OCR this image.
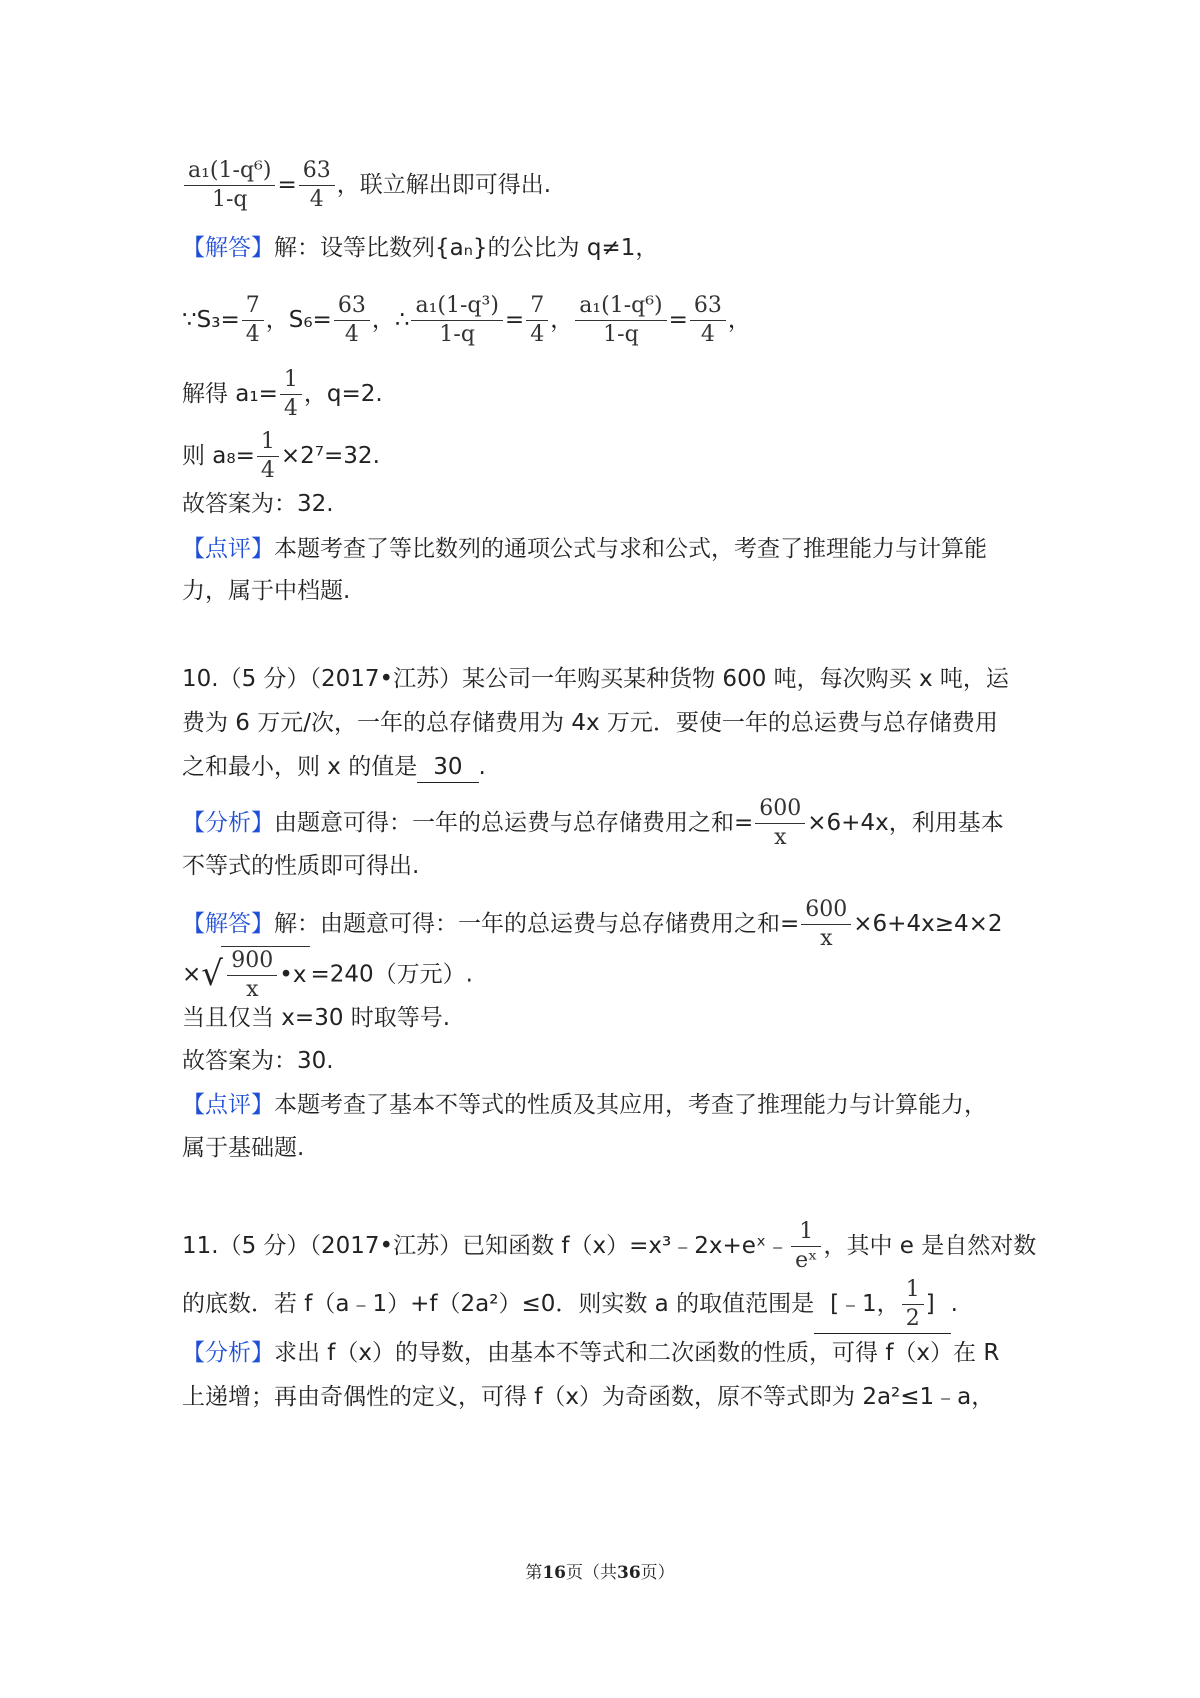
$\frac{\text{a₁(1-q⁶)}}{1-q} = \frac{63}{4}$ ，联立解出即可得出.
【解答】解：设等比数列{aₙ}的公比为 q≠1，
∵S₃= $\frac{7}{4}$ ，$S_6= \frac{63}{4}$ ，∴ $\frac{\text{a₁(1-q³)}}{1-q} = \frac{7}{4}$ ， $\frac{\text{a₁(1-q⁶)}}{1-q} = \frac{63}{4}$ ，
解得 $a_1= \frac{1}{4}$ ，q=2.
则 $a_8= \frac{1}{4} \times 2^7=32$.
故答案为：32.
【点评】本题考查了等比数列的通项公式与求和公式，考查了推理能力与计算能
力，属于中档题.
10.（5 分）（2017•江苏）某公司一年购买某种货物 600 吨，每次购买 x 吨，运
费为 6 万元/次，一年的总存储费用为 4x 万元．要使一年的总运费与总存储费用
之和最小，则 x 的值是 30 .
【分析】由题意可得：一年的总运费与总存储费用之和= $\frac{600}{x} \times 6+4x$，利用基本
不等式的性质即可得出.
【解答】解：由题意可得：一年的总运费与总存储费用之和= $\frac{600}{x} \times 6+4x\ge 4\times 2$
× √ $\frac{900}{x}$ •x =240（万元）.
当且仅当 x=30 时取等号.
故答案为：30.
【点评】本题考查了基本不等式的性质及其应用，考查了推理能力与计算能力，
属于基础题.
11.（5 分）（2017•江苏）已知函数 f（x）=x³﹣2x+eˣ﹣ $\frac{1}{\text{eˣ}}$ ，其中 e 是自然对数
的底数．若 f（a﹣1）+f（2a²）≤0．则实数 a 的取值范围是 [﹣1， $\frac{1}{2}$ ] .
【分析】求出 f（x）的导数，由基本不等式和二次函数的性质，可得 f（x）在 R
上递增；再由奇偶性的定义，可得 f（x）为奇函数，原不等式即为 2a²≤1﹣a，
第16页（共36页）
